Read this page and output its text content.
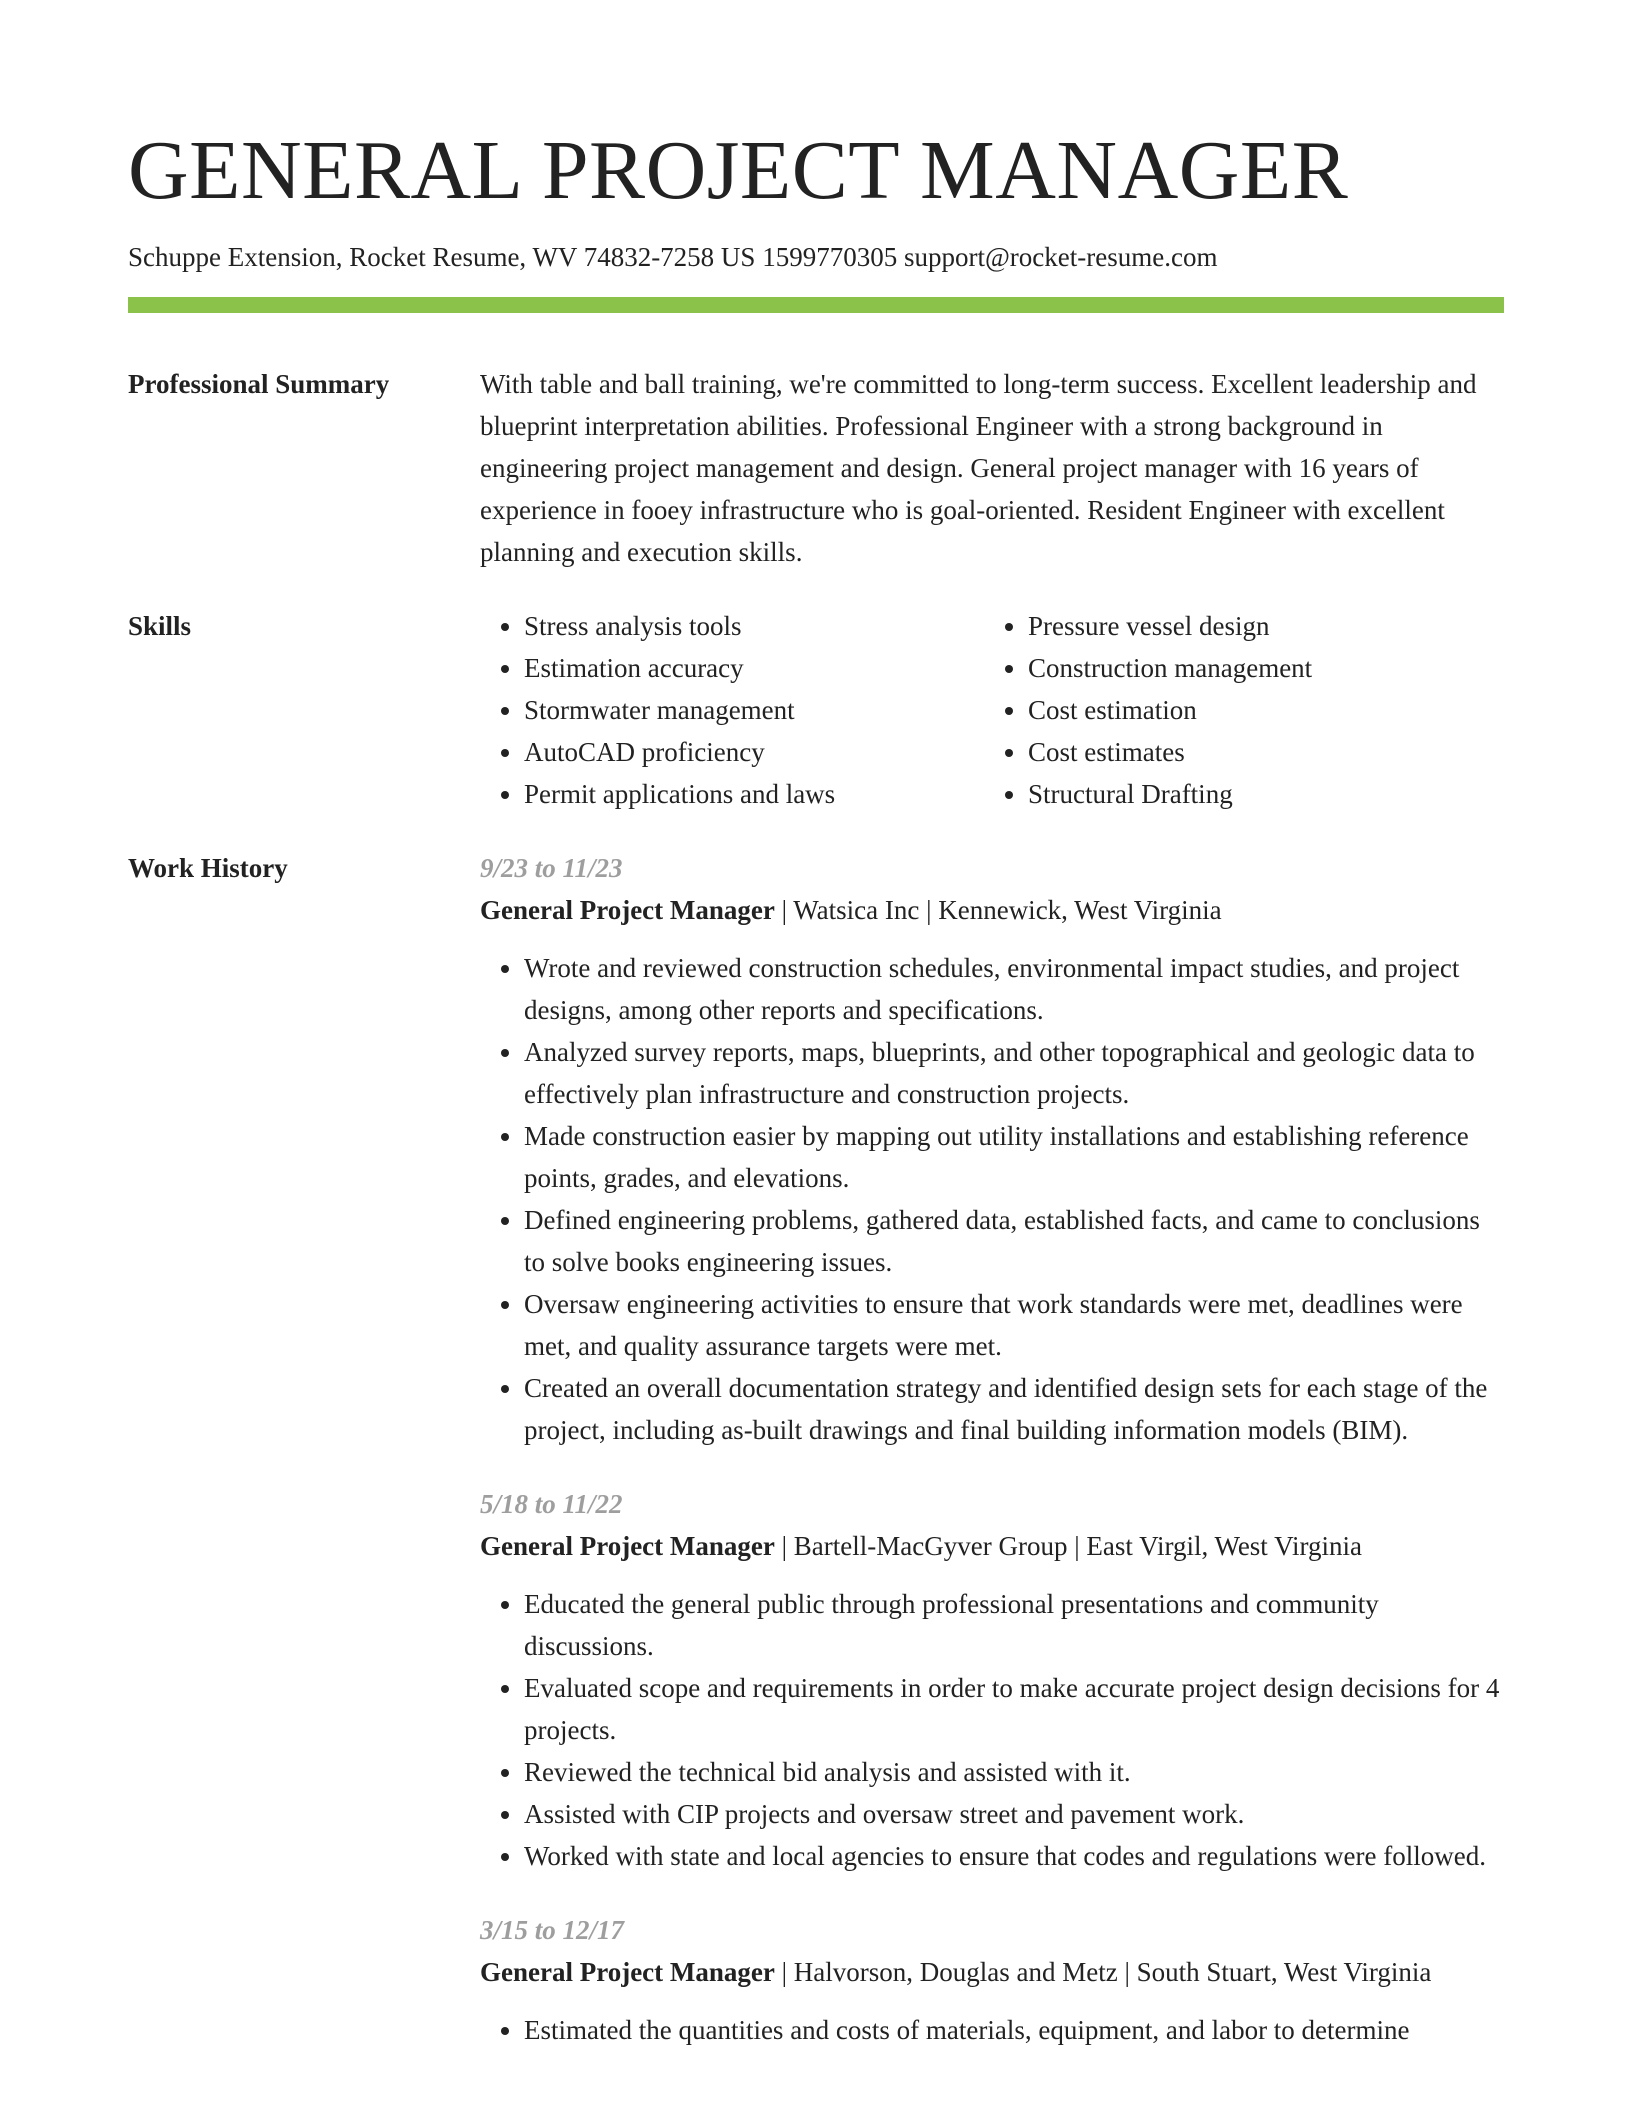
GENERAL PROJECT MANAGER
Schuppe Extension, Rocket Resume, WV 74832-7258 US 1599770305 support@rocket-resume.com
Professional Summary	With table and ball training, we're committed to long-term success. Excellent leadership and blueprint interpretation abilities. Professional Engineer with a strong background in engineering project management and design. General project manager with 16 years of experience in fooey infrastructure who is goal-oriented. Resident Engineer with excellent planning and execution skills.

Skills
•	Stress analysis tools
• Estimation accuracy
• Stormwater management
• AutoCAD proficiency
• Permit applications and laws
• Pressure vessel design
• Construction management
• Cost estimation
• Cost estimates
• Structural Drafting
Work History	9/23 to 11/23
General Project Manager | Watsica Inc | Kennewick, West Virginia
• Wrote and reviewed construction schedules, environmental impact studies, and project designs, among other reports and specifications.
• Analyzed survey reports, maps, blueprints, and other topographical and geologic data to effectively plan infrastructure and construction projects.
• Made construction easier by mapping out utility installations and establishing reference points, grades, and elevations.
• Defined engineering problems, gathered data, established facts, and came to conclusions to solve books engineering issues.
• Oversaw engineering activities to ensure that work standards were met, deadlines were met, and quality assurance targets were met.
• Created an overall documentation strategy and identified design sets for each stage of the project, including as-built drawings and final building information models (BIM).
5/18 to 11/22
General Project Manager | Bartell-MacGyver Group | East Virgil, West Virginia
• Educated the general public through professional presentations and community discussions.
• Evaluated scope and requirements in order to make accurate project design decisions for 4 projects.
• Reviewed the technical bid analysis and assisted with it.
• Assisted with CIP projects and oversaw street and pavement work.
• Worked with state and local agencies to ensure that codes and regulations were followed.
3/15 to 12/17
General Project Manager | Halvorson, Douglas and Metz | South Stuart, West Virginia
• Estimated the quantities and costs of materials, equipment, and labor to determine
